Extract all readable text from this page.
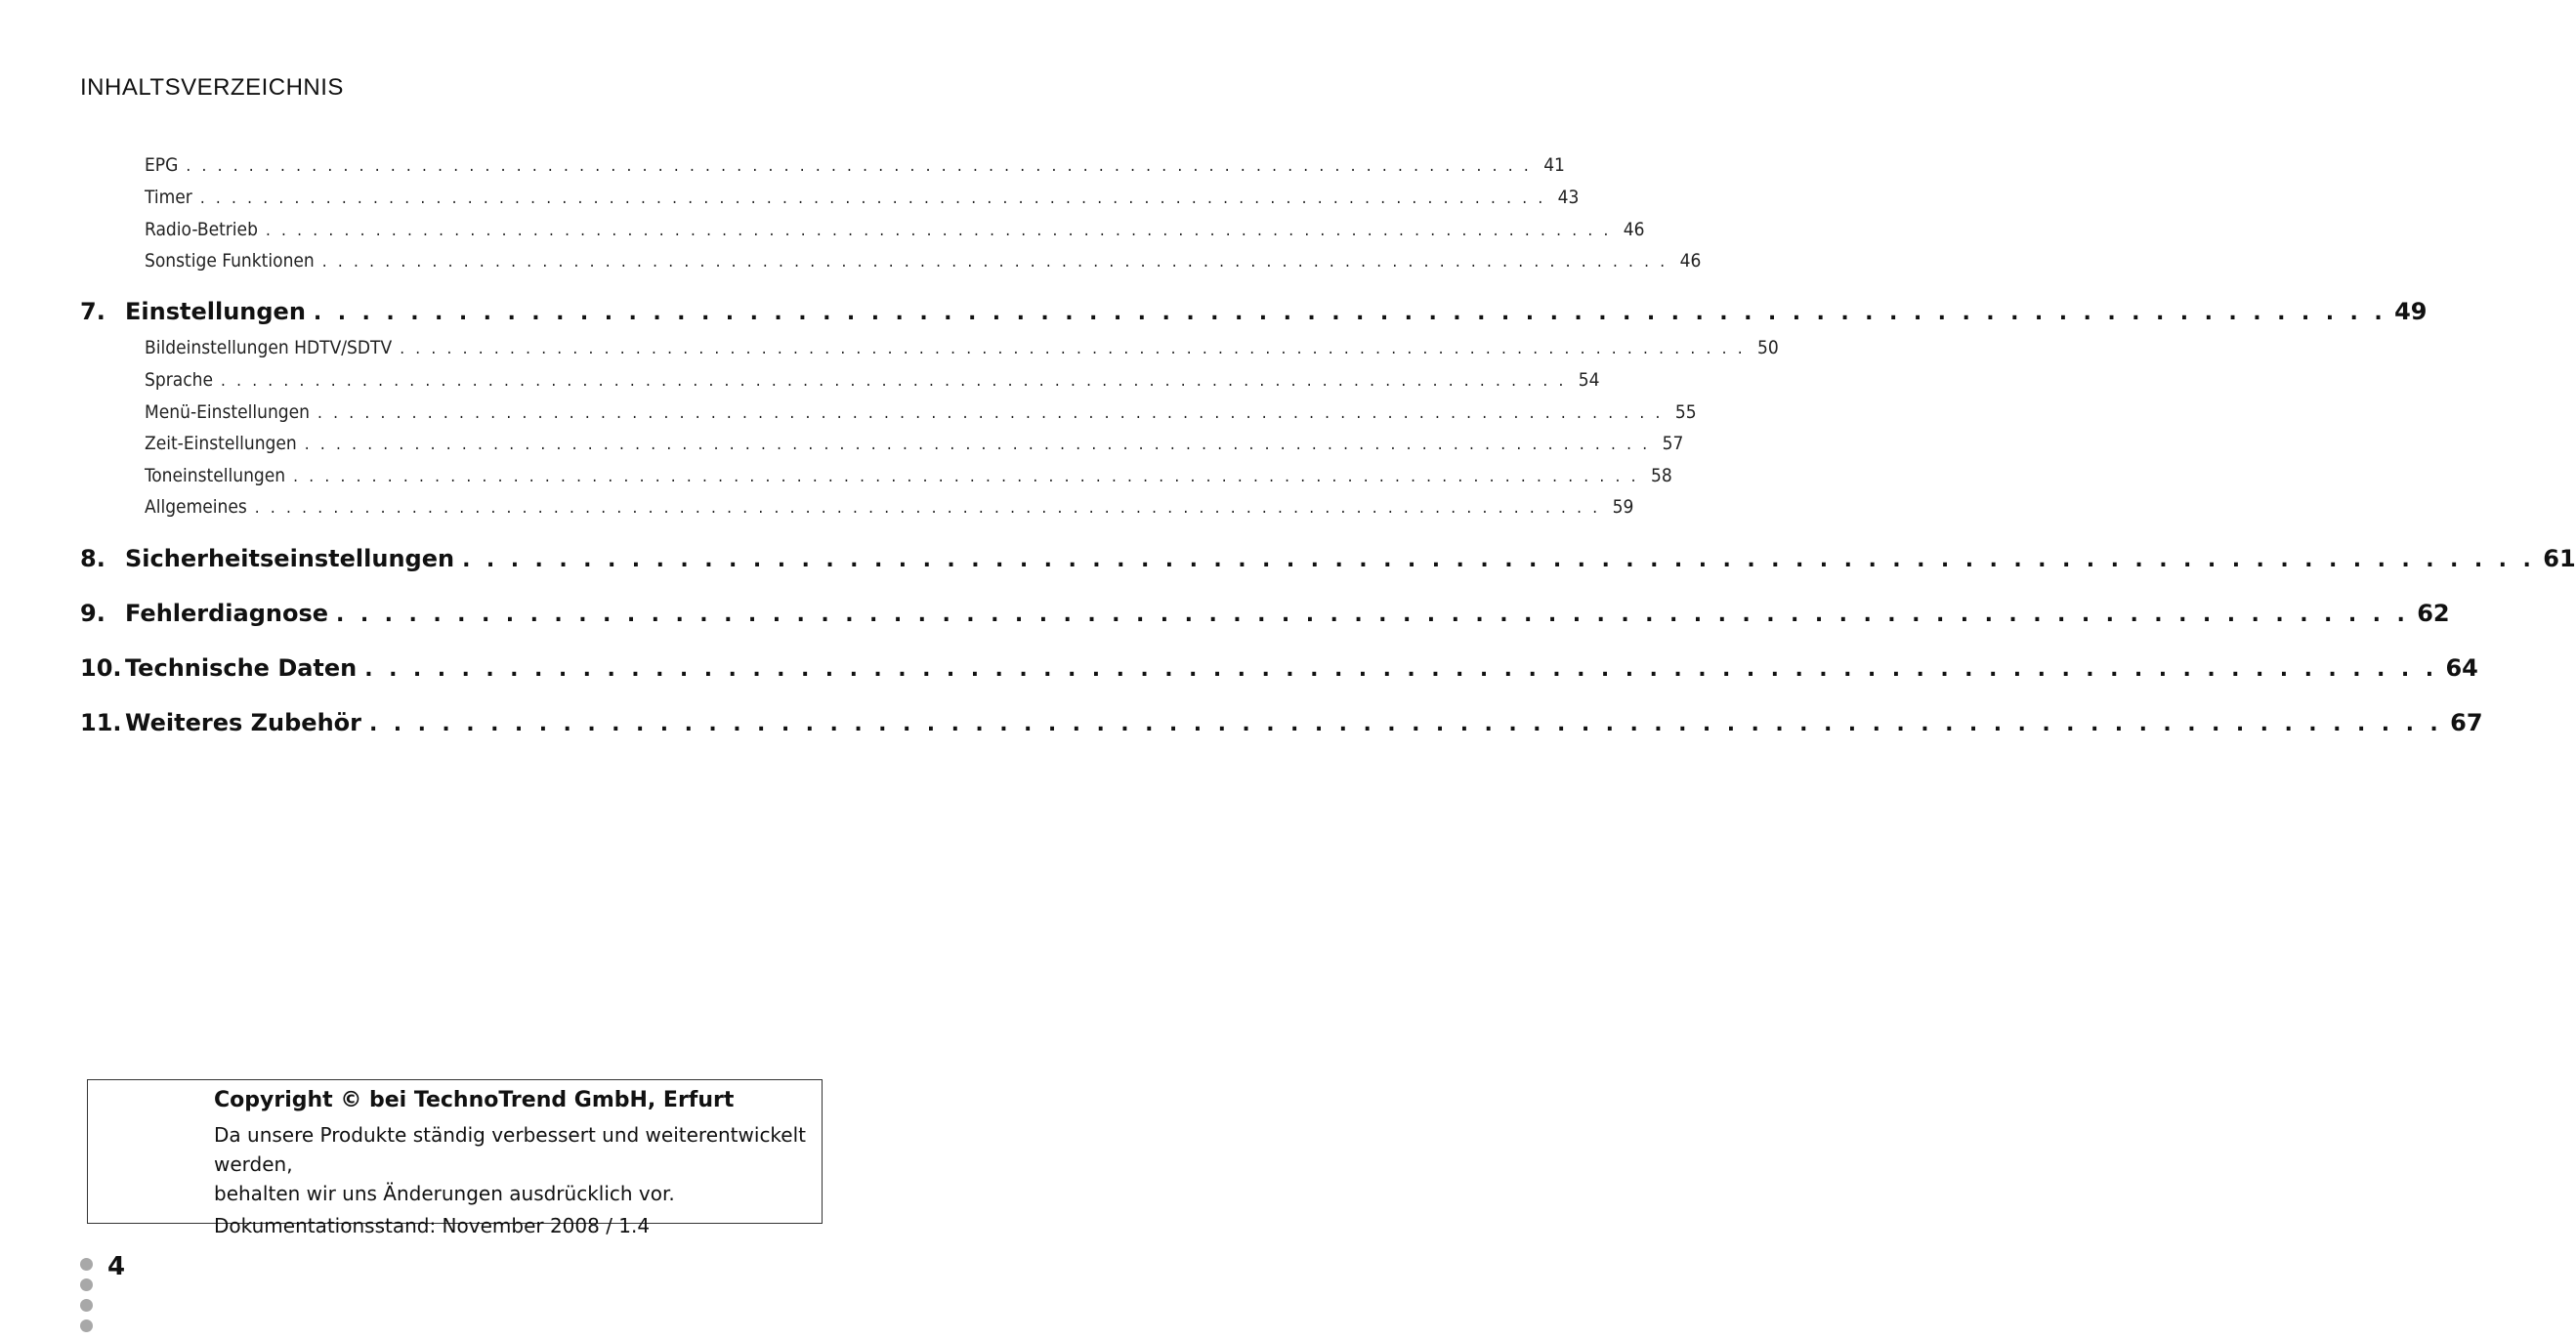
INHALTSVERZEICHNIS
EPG . . . . . . . . . . . . . . . . . . . . . . . . . . . . . . . . . . . . . . . . . . . . . . . . . . . . . . . . . . . . . . . . . . . . . . . . . . . . . . . . . . . . . . 41
Timer . . . . . . . . . . . . . . . . . . . . . . . . . . . . . . . . . . . . . . . . . . . . . . . . . . . . . . . . . . . . . . . . . . . . . . . . . . . . . . . . . . . . . . 43
Radio-Betrieb . . . . . . . . . . . . . . . . . . . . . . . . . . . . . . . . . . . . . . . . . . . . . . . . . . . . . . . . . . . . . . . . . . . . . . . . . . . . . . . . . . . . . . 46
Sonstige Funktionen . . . . . . . . . . . . . . . . . . . . . . . . . . . . . . . . . . . . . . . . . . . . . . . . . . . . . . . . . . . . . . . . . . . . . . . . . . . . . . . . . . . . . . 46
7. Einstellungen . . . . . . . . . . . . . . . . . . . . . . . . . . . . . . . . . . . . . . . . . . . . . . . . . . . . . . . . . . . . . . . . . . . . . . . . . . . . . . . . . . . . . . 49
Bildeinstellungen HDTV/SDTV . . . . . . . . . . . . . . . . . . . . . . . . . . . . . . . . . . . . . . . . . . . . . . . . . . . . . . . . . . . . . . . . . . . . . . . . . . . . . . . . . . . . . . 50
Sprache . . . . . . . . . . . . . . . . . . . . . . . . . . . . . . . . . . . . . . . . . . . . . . . . . . . . . . . . . . . . . . . . . . . . . . . . . . . . . . . . . . . . . . 54
Menü-Einstellungen . . . . . . . . . . . . . . . . . . . . . . . . . . . . . . . . . . . . . . . . . . . . . . . . . . . . . . . . . . . . . . . . . . . . . . . . . . . . . . . . . . . . . . 55
Zeit-Einstellungen . . . . . . . . . . . . . . . . . . . . . . . . . . . . . . . . . . . . . . . . . . . . . . . . . . . . . . . . . . . . . . . . . . . . . . . . . . . . . . . . . . . . . . 57
Toneinstellungen . . . . . . . . . . . . . . . . . . . . . . . . . . . . . . . . . . . . . . . . . . . . . . . . . . . . . . . . . . . . . . . . . . . . . . . . . . . . . . . . . . . . . . 58
Allgemeines . . . . . . . . . . . . . . . . . . . . . . . . . . . . . . . . . . . . . . . . . . . . . . . . . . . . . . . . . . . . . . . . . . . . . . . . . . . . . . . . . . . . . . 59
8. Sicherheitseinstellungen . . . . . . . . . . . . . . . . . . . . . . . . . . . . . . . . . . . . . . . . . . . . . . . . . . . . . . . . . . . . . . . . . . . . . . . . . . . . . . . . . . . . . . 61
9. Fehlerdiagnose . . . . . . . . . . . . . . . . . . . . . . . . . . . . . . . . . . . . . . . . . . . . . . . . . . . . . . . . . . . . . . . . . . . . . . . . . . . . . . . . . . . . . . 62
10. Technische Daten . . . . . . . . . . . . . . . . . . . . . . . . . . . . . . . . . . . . . . . . . . . . . . . . . . . . . . . . . . . . . . . . . . . . . . . . . . . . . . . . . . . . . . 64
11. Weiteres Zubehör . . . . . . . . . . . . . . . . . . . . . . . . . . . . . . . . . . . . . . . . . . . . . . . . . . . . . . . . . . . . . . . . . . . . . . . . . . . . . . . . . . . . . . 67
Copyright © bei TechnoTrend GmbH, Erfurt
Da unsere Produkte ständig verbessert und weiterentwickelt werden,
behalten wir uns Änderungen ausdrücklich vor.
Dokumentationsstand: November 2008 / 1.4
4
